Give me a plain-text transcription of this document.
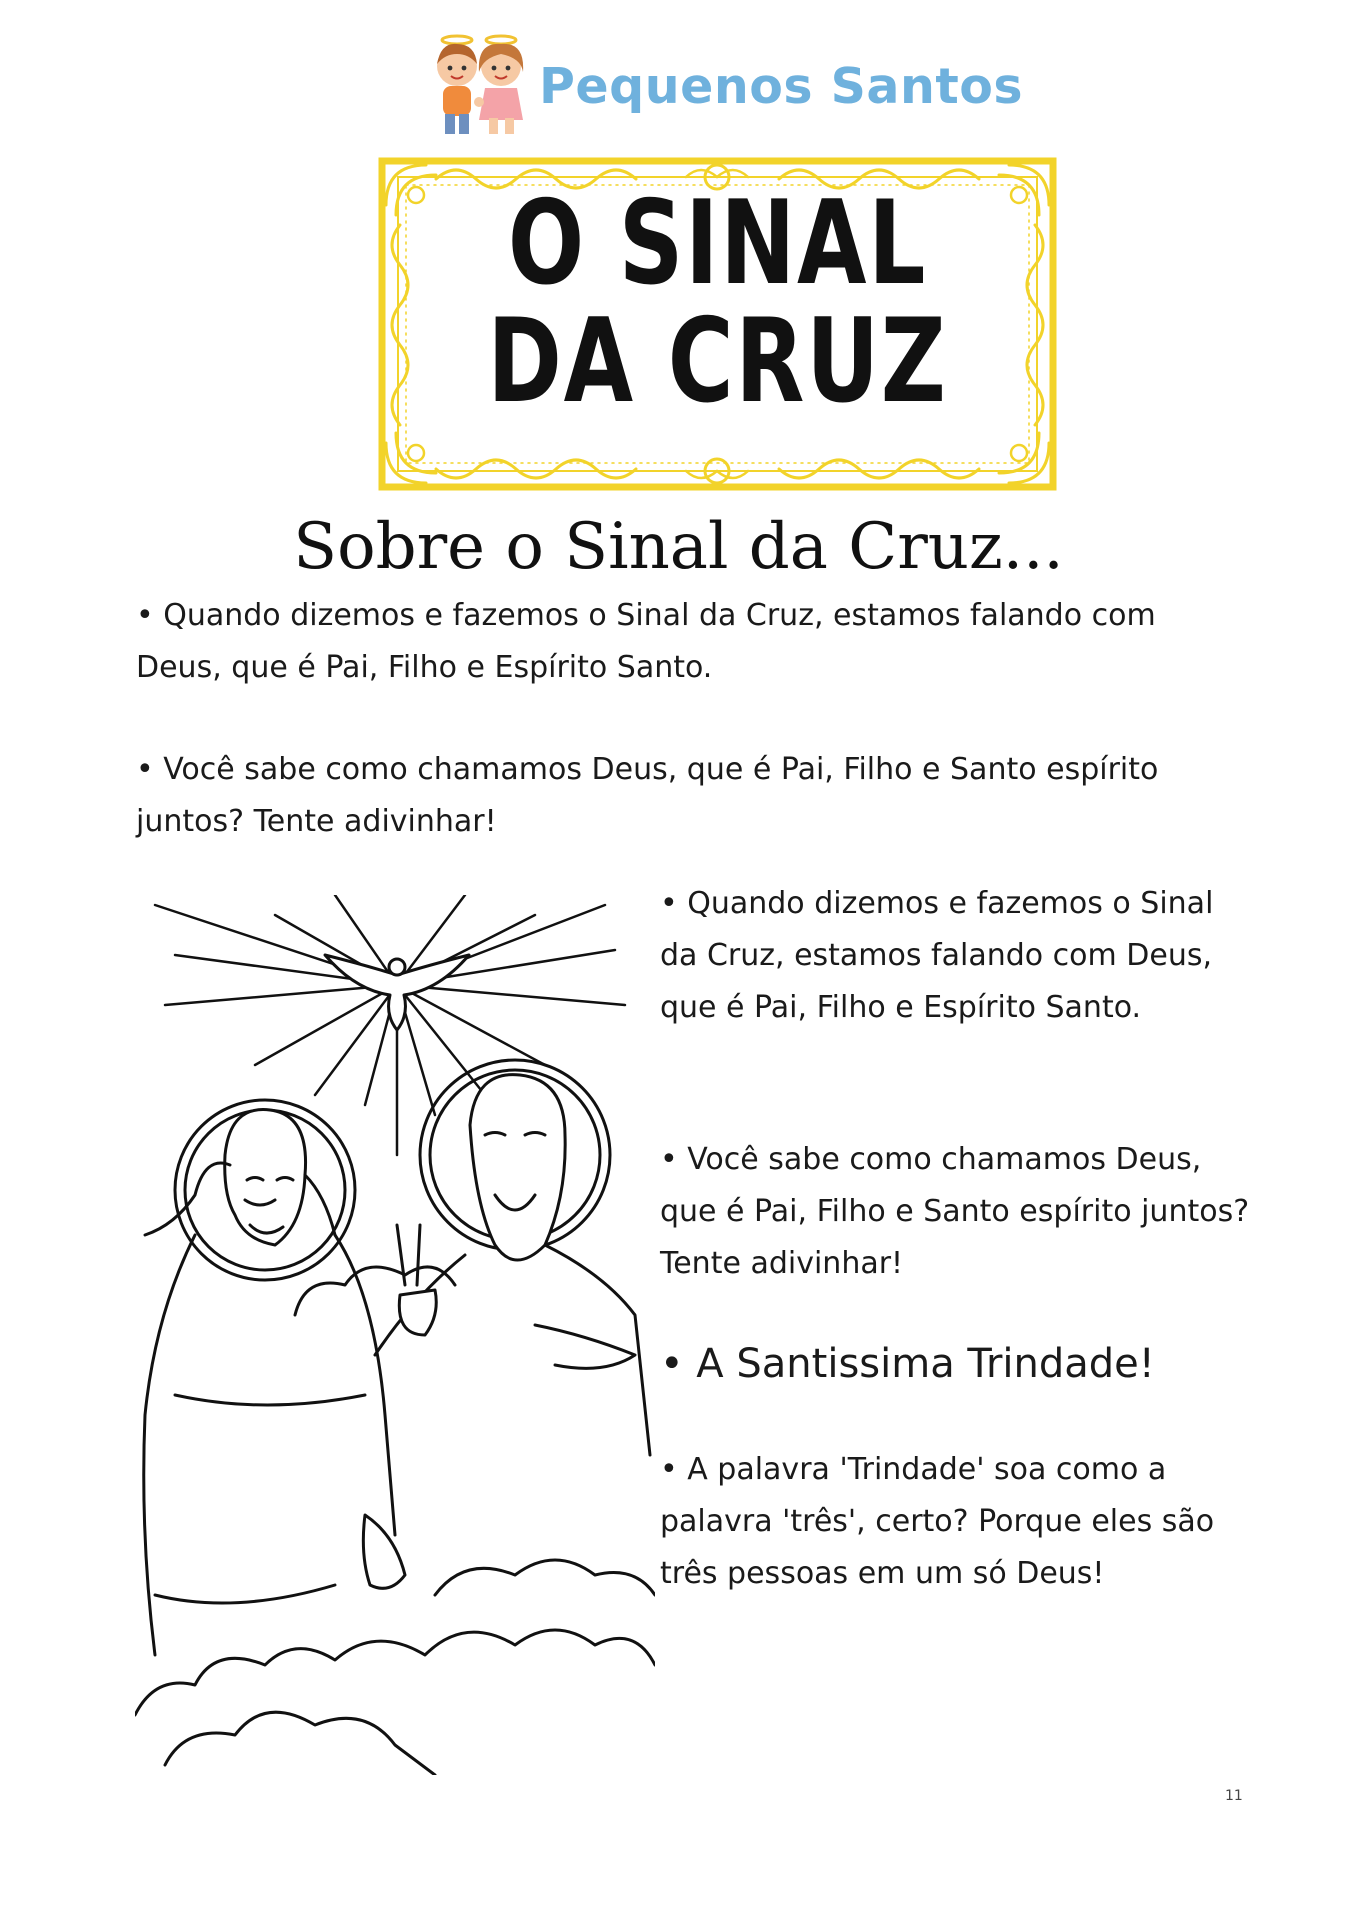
Pequenos Santos
O SINAL
DA CRUZ
Sobre o Sinal da Cruz...
• Quando dizemos e fazemos o Sinal da Cruz, estamos falando com Deus, que é Pai, Filho e Espírito Santo.
• Você sabe como chamamos Deus, que é Pai, Filho e Santo espírito juntos? Tente adivinhar!
• Quando dizemos e fazemos o Sinal da Cruz, estamos falando com Deus, que é Pai, Filho e Espírito Santo.
• Você sabe como chamamos Deus, que é Pai, Filho e Santo espírito juntos? Tente adivinhar!
• A Santissima Trindade!
• A palavra 'Trindade' soa como a palavra 'três', certo? Porque eles são três pessoas em um só Deus!
11
